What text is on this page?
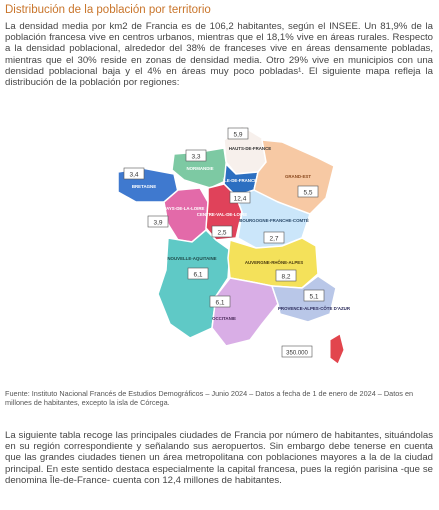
Distribución de la población por territorio
La densidad media por km2 de Francia es de 106,2 habitantes, según el INSEE. Un 81,9% de la población francesa vive en centros urbanos, mientras que el 18,1% vive en áreas rurales. Respecto a la densidad poblacional, alrededor del 38% de franceses vive en áreas densamente pobladas, mientras que el 30% reside en zonas de densidad media. Otro 29% vive en municipios con una densidad poblacional baja y el 4% en áreas muy poco pobladas¹. El siguiente mapa refleja la distribución de la población por regiones:
5,9
3,3
12,4
5,5
3,4
3,9
2,5
2,7
6,1	8,2
6,1
5,1
350.000
HAUTS-DE-FRANCE
NORMANDIE
ÎLE-DE-FRANCE
GRAND-EST
BRETAGNE
PAYS-DE-LA-LOIRE
CENTRE-VAL-DE-LOIRE
BOURGOGNE-FRANCHE-COMTÉ
NOUVELLE-AQUITAINE
AUVERGNE-RHÔNE-ALPES
OCCITANIE
PROVENCE-ALPES-CÔTE D'AZUR
Fuente: Instituto Nacional Francés de Estudios Demográficos – Junio 2024 – Datos a fecha de 1 de enero de 2024 – Datos en millones de habitantes, excepto la isla de Córcega.
La siguiente tabla recoge las principales ciudades de Francia por número de habitantes, situándolas en su región correspondiente y señalando sus aeropuertos. Sin embargo debe tenerse en cuenta que las grandes ciudades tienen un área metropolitana con poblaciones mayores a la de la ciudad principal. En este sentido destaca especialmente la capital francesa, pues la región parisina -que se denomina Île-de-France- cuenta con 12,4 millones de habitantes.
